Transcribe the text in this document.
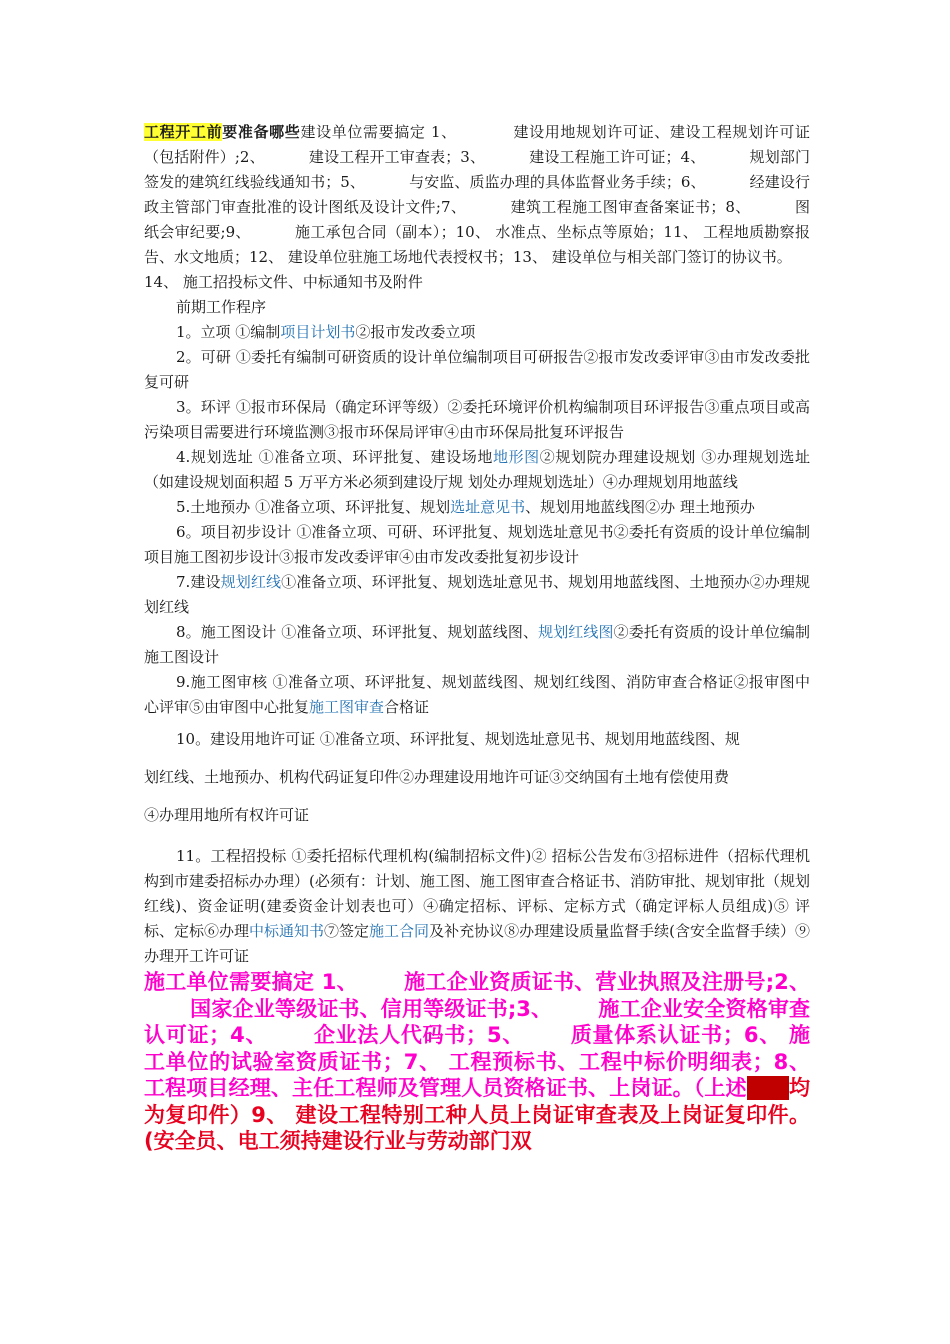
工程开工前要准备哪些建设单位需要搞定 1、	建设用地规划许可证、建设工程规划许可证（包括附件）;2、	建设工程开工审查表；3、	建设工程施工许可证；4、	规划部门签发的建筑红线验线通知书；5、	与安监、质监办理的具体监督业务手续；6、	经建设行政主管部门审查批准的设计图纸及设计文件;7、	建筑工程施工图审查备案证书；8、	图纸会审纪要;9、	施工承包合同（副本）；10、 水准点、坐标点等原始；11、 工程地质勘察报告、水文地质；12、 建设单位驻施工场地代表授权书；13、 建设单位与相关部门签订的协议书。

14、 施工招投标文件、中标通知书及附件

前期工作程序

1。立项 ①编制项目计划书②报市发改委立项

2。可研 ①委托有编制可研资质的设计单位编制项目可研报告②报市发改委评审③由市发改委批复可研

3。环评 ①报市环保局（确定环评等级）②委托环境评价机构编制项目环评报告③重点项目或高污染项目需要进行环境监测③报市环保局评审④由市环保局批复环评报告

4.规划选址 ①准备立项、环评批复、建设场地地形图②规划院办理建设规划 ③办理规划选址（如建设规划面积超 5 万平方米必须到建设厅规 划处办理规划选址）④办理规划用地蓝线

5.土地预办 ①准备立项、环评批复、规划选址意见书、规划用地蓝线图②办 理土地预办

6。项目初步设计 ①准备立项、可研、环评批复、规划选址意见书②委托有资质的设计单位编制项目施工图初步设计③报市发改委评审④由市发改委批复初步设计

7.建设规划红线①准备立项、环评批复、规划选址意见书、规划用地蓝线图、土地预办②办理规划红线

8。施工图设计 ①准备立项、环评批复、规划蓝线图、规划红线图②委托有资质的设计单位编制施工图设计

9.施工图审核 ①准备立项、环评批复、规划蓝线图、规划红线图、消防审查合格证②报审图中心评审⑤由审图中心批复施工图审查合格证

10。建设用地许可证 ①准备立项、环评批复、规划选址意见书、规划用地蓝线图、规

划红线、土地预办、机构代码证复印件②办理建设用地许可证③交纳国有土地有偿使用费

④办理用地所有权许可证

11。工程招投标 ①委托招标代理机构(编制招标文件)② 招标公告发布③招标进件（招标代理机构到市建委招标办办理）(必须有：计划、施工图、施工图审查合格证书、消防审批、规划审批（规划红线)、资金证明(建委资金计划表也可）④确定招标、评标、定标方式（确定评标人员组成)⑤ 评标、定标⑥办理中标通知书⑦签定施工合同及补充协议⑧办理建设质量监督手续(含安全监督手续）⑨办理开工许可证

施工单位需要搞定 1、 施工企业资质证书、营业执照及注册号;2、国家企业等级证书、信用等级证书;3、 施工企业安全资格审查认可证；4、 企业法人代码书；5、 质量体系认证书；6、 施工单位的试验室资质证书；7、 工程预标书、工程中标价明细表；8、 工程项目经理、主任工程师及管理人员资格证书、上岗证。（上述资料均为复印件）9、 建设工程特别工种人员上岗证审查表及上岗证复印件。(安全员、电工须持建设行业与劳动部门双
